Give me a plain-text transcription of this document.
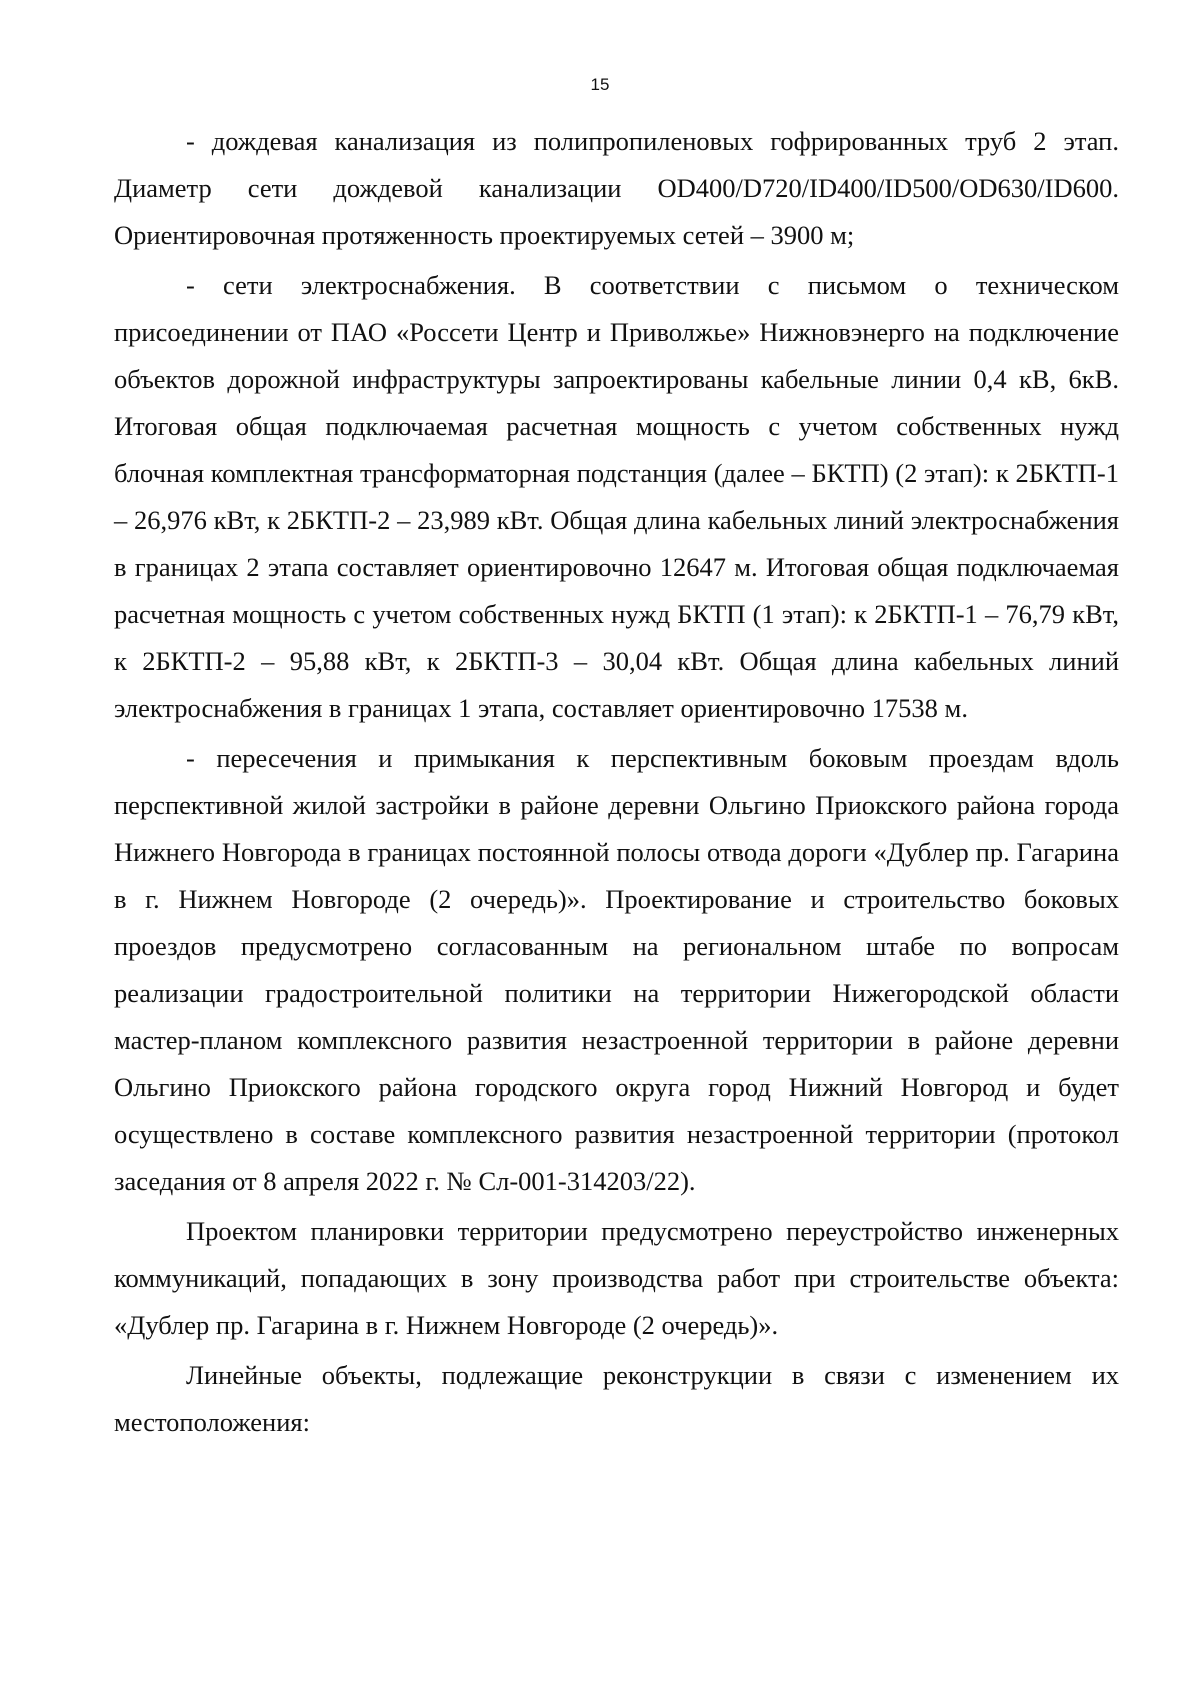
15

- дождевая канализация из полипропиленовых гофрированных труб 2 этап. Диаметр сети дождевой канализации OD400/D720/ID400/ID500/OD630/ID600. Ориентировочная протяженность проектируемых сетей – 3900 м;

- сети электроснабжения. В соответствии с письмом о техническом присоединении от ПАО «Россети Центр и Приволжье» Нижновэнерго на подключение объектов дорожной инфраструктуры запроектированы кабельные линии 0,4 кВ, 6кВ. Итоговая общая подключаемая расчетная мощность с учетом собственных нужд блочная комплектная трансформаторная подстанция (далее – БКТП) (2 этап): к 2БКТП-1 – 26,976 кВт, к 2БКТП-2 – 23,989 кВт. Общая длина кабельных линий электроснабжения в границах 2 этапа составляет ориентировочно 12647 м. Итоговая общая подключаемая расчетная мощность с учетом собственных нужд БКТП (1 этап): к 2БКТП-1 – 76,79 кВт, к 2БКТП-2 – 95,88 кВт, к 2БКТП-3 – 30,04 кВт. Общая длина кабельных линий электроснабжения в границах 1 этапа, составляет ориентировочно 17538 м.

- пересечения и примыкания к перспективным боковым проездам вдоль перспективной жилой застройки в районе деревни Ольгино Приокского района города Нижнего Новгорода в границах постоянной полосы отвода дороги «Дублер пр. Гагарина в г. Нижнем Новгороде (2 очередь)». Проектирование и строительство боковых проездов предусмотрено согласованным на региональном штабе по вопросам реализации градостроительной политики на территории Нижегородской области мастер-планом комплексного развития незастроенной территории в районе деревни Ольгино Приокского района городского округа город Нижний Новгород и будет осуществлено в составе комплексного развития незастроенной территории (протокол заседания от 8 апреля 2022 г. № Сл-001-314203/22).

Проектом планировки территории предусмотрено переустройство инженерных коммуникаций, попадающих в зону производства работ при строительстве объекта: «Дублер пр. Гагарина в г. Нижнем Новгороде (2 очередь)».

Линейные объекты, подлежащие реконструкции в связи с изменением их местоположения:
